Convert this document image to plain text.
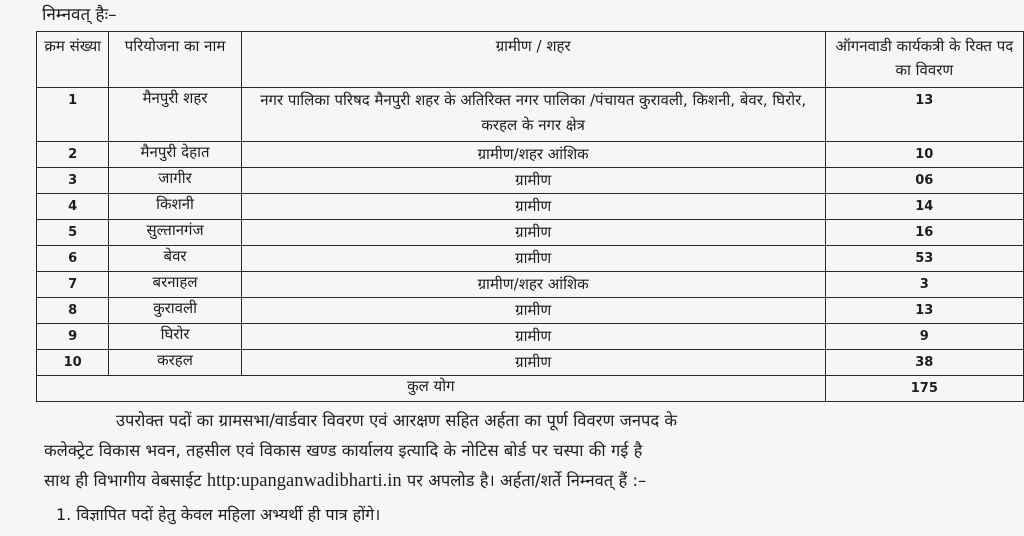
निम्नवत् हैः–
क्रम संख्या	परियोजना का नाम	ग्रामीण / शहर	ऑगनवाडी कार्यकत्री के रिक्त पद का विवरण
1	मैनपुरी शहर	नगर पालिका परिषद मैनपुरी शहर के अतिरिक्त नगर पालिका /पंचायत कुरावली, किशनी, बेवर, घिरोर, करहल के नगर क्षेत्र	13
2	मैनपुरी देहात	ग्रामीण/शहर आंशिक	10
3	जागीर	ग्रामीण	06
4	किशनी	ग्रामीण	14
5	सुल्तानगंज	ग्रामीण	16
6	बेवर	ग्रामीण	53
7	बरनाहल	ग्रामीण/शहर आंशिक	3
8	कुरावली	ग्रामीण	13
9	घिरोर	ग्रामीण	9
10	करहल	ग्रामीण	38
कुल योग			175
उपरोक्त पदों का ग्रामसभा/वार्डवार विवरण एवं आरक्षण सहित अर्हता का पूर्ण विवरण जनपद के
कलेक्ट्रेट विकास भवन, तहसील एवं विकास खण्ड कार्यालय इत्यादि के नोटिस बोर्ड पर चस्पा की गई है
साथ ही विभागीय वेबसाईट http:upanganwadibharti.in पर अपलोड है। अर्हता/शर्ते निम्नवत् हैं :–
1. विज्ञापित पदों हेतु केवल महिला अभ्यर्थी ही पात्र होंगे।
